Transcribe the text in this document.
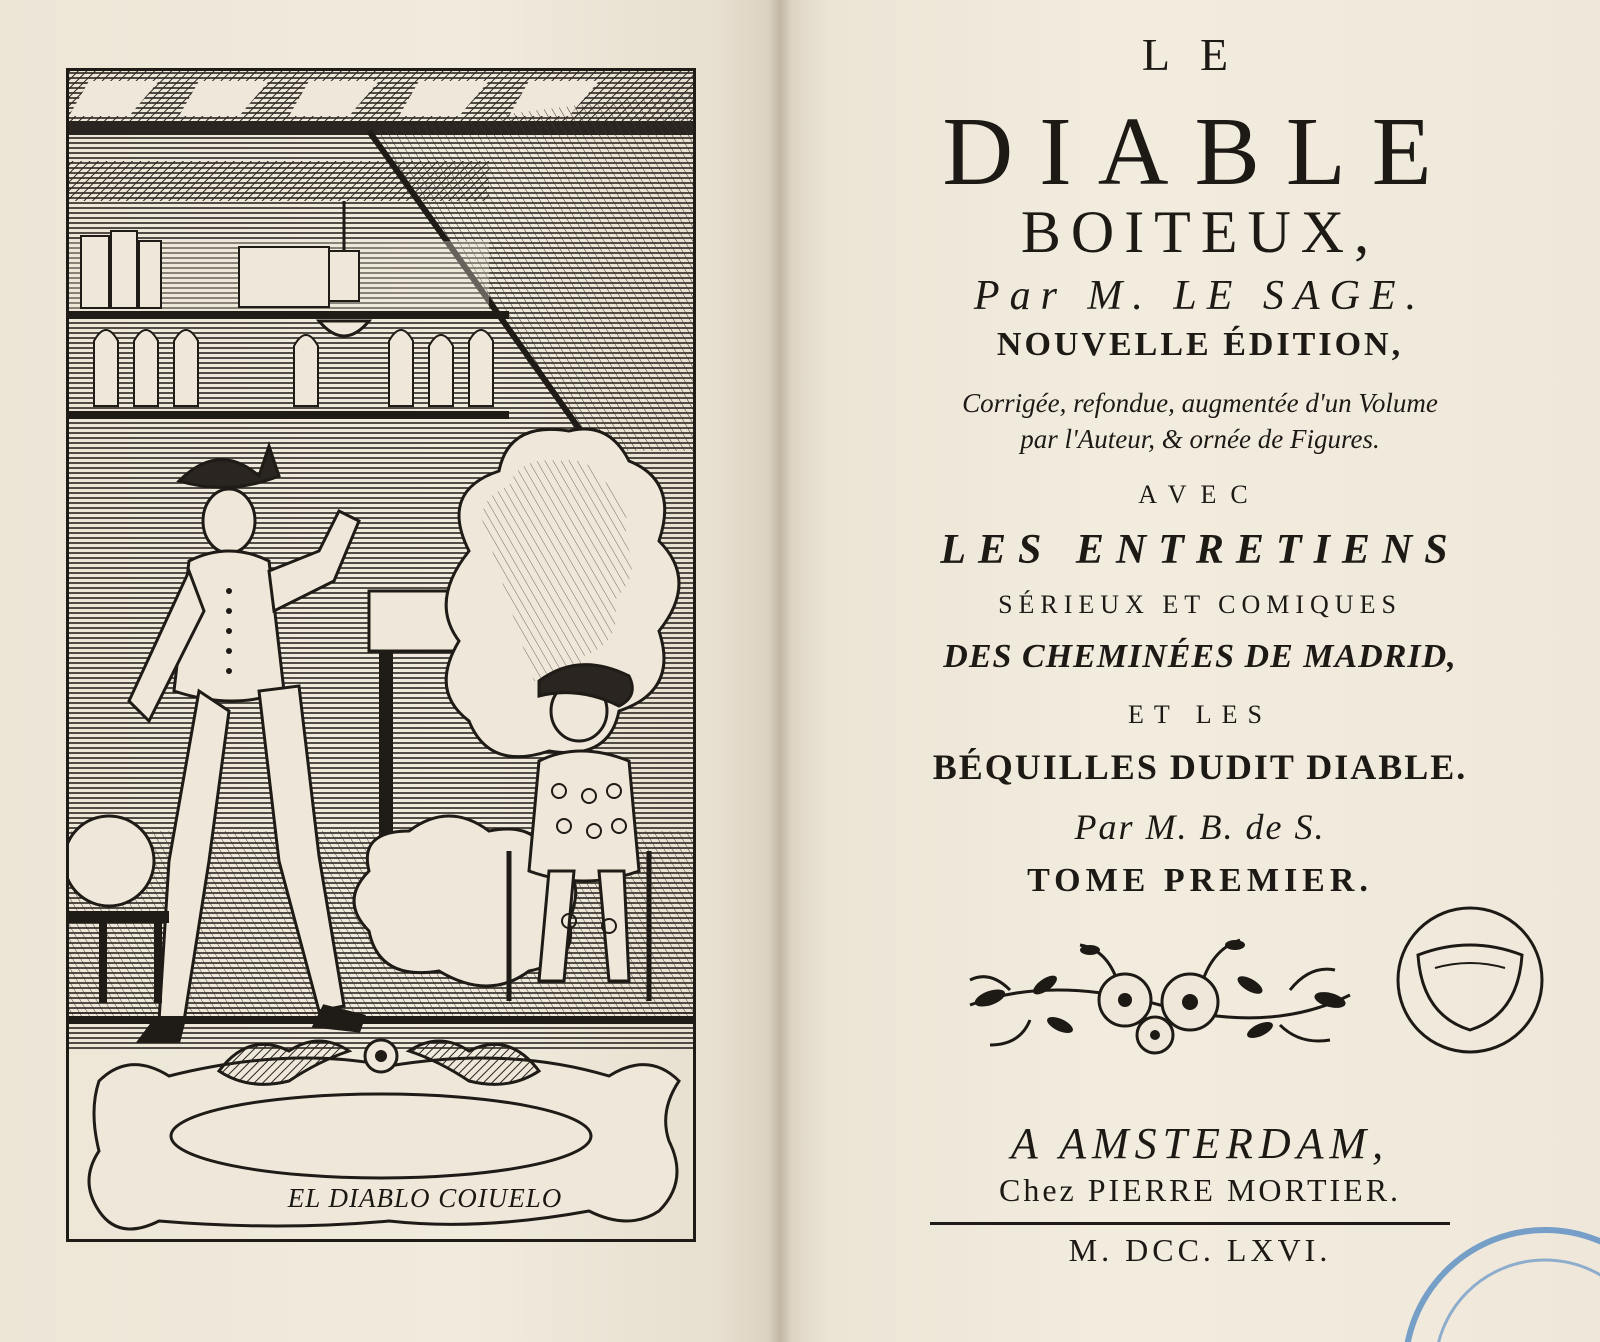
EL DIABLO COIUELO
LE
DIABLE
BOITEUX,
Par M. LE SAGE.
NOUVELLE ÉDITION,
Corrigée, refondue, augmentée d'un Volume
par l'Auteur, & ornée de Figures.
AVEC
LES ENTRETIENS
SÉRIEUX ET COMIQUES
DES CHEMINÉES DE MADRID,
ET LES
BÉQUILLES DUDIT DIABLE.
Par M. B. de S.
TOME PREMIER.
A AMSTERDAM,
Chez PIERRE MORTIER.
M. DCC. LXVI.
